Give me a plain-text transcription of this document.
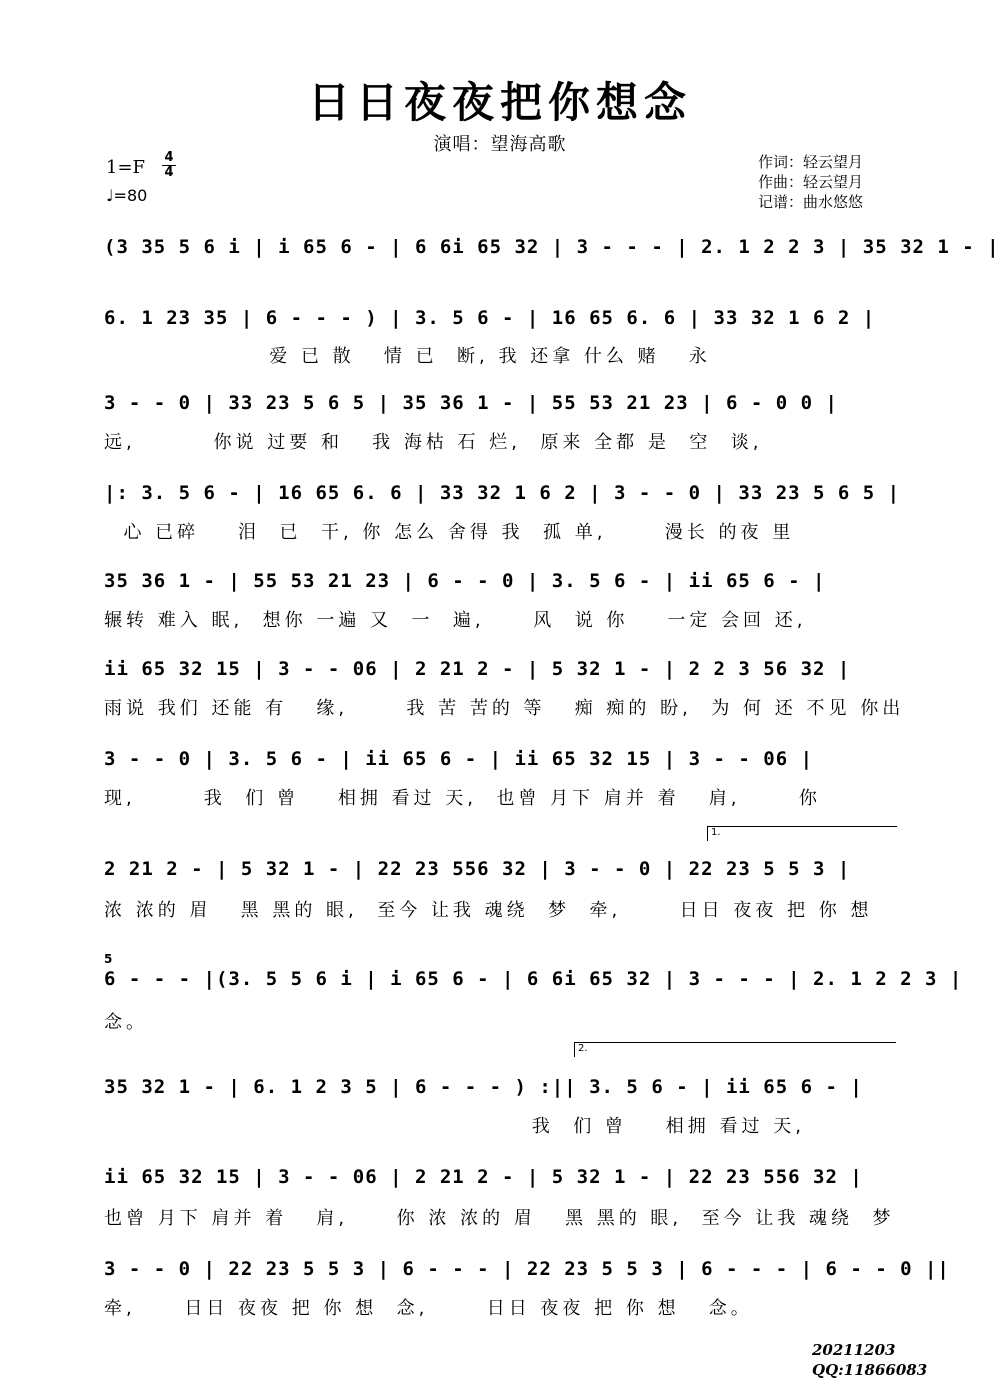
日日夜夜把你想念
演唱：望海高歌
1=F 4
4
♩=80
作词：轻云望月
作曲：轻云望月
记谱：曲水悠悠
(3 35 5 6 i | i 65 6 - | 6 6i 65 32 | 3 - - - | 2. 1 2 2 3 | 35 32 1 - |
6. 1 23 35 | 6 - - - ) | 3. 5 6 - | 16 65 6. 6 | 33 32 1 6 2 |
爱 已 散   情 已  断, 我 还拿 什么 赌   永
3 - - 0 | 33 23 5 6 5 | 35 36 1 - | 55 53 21 23 | 6 - 0 0 |
远,        你说 过要 和   我 海枯 石 烂,  原来 全都 是  空  谈,
|: 3. 5 6 - | 16 65 6. 6 | 33 32 1 6 2 | 3 - - 0 | 33 23 5 6 5 |
心 已碎    泪  已  干, 你 怎么 舍得 我  孤 单,      漫长 的夜 里
35 36 1 - | 55 53 21 23 | 6 - - 0 | 3. 5 6 - | ii 65 6 - |
辗转 难入 眠,  想你 一遍 又  一  遍,     风  说 你    一定 会回 还,
ii 65 32 15 | 3 - - 06 | 2 21 2 - | 5 32 1 - | 2 2 3 56 32 |
雨说 我们 还能 有   缘,      我 苦 苦的 等   痴 痴的 盼,  为 何 还 不见 你出
3 - - 0 | 3. 5 6 - | ii 65 6 - | ii 65 32 15 | 3 - - 06 |
现,       我  们 曾    相拥 看过 天,  也曾 月下 肩并 着   肩,      你
1.
2 21 2 - | 5 32 1 - | 22 23 556 32 | 3 - - 0 | 22 23 5 5 3 |
浓 浓的 眉   黑 黑的 眼,  至今 让我 魂绕  梦  牵,      日日 夜夜 把 你 想
5
6 - - - |(3. 5 5 6 i | i 65 6 - | 6 6i 65 32 | 3 - - - | 2. 1 2 2 3 |
念。
2.
35 32 1 - | 6. 1 2 3 5 | 6 - - - ) :|| 3. 5 6 - | ii 65 6 - |
我  们 曾    相拥 看过 天,
ii 65 32 15 | 3 - - 06 | 2 21 2 - | 5 32 1 - | 22 23 556 32 |
也曾 月下 肩并 着   肩,     你 浓 浓的 眉   黑 黑的 眼,  至今 让我 魂绕  梦
3 - - 0 | 22 23 5 5 3 | 6 - - - | 22 23 5 5 3 | 6 - - - | 6 - - 0 ||
牵,     日日 夜夜 把 你 想  念,      日日 夜夜 把 你 想   念。
20211203
QQ:11866083
